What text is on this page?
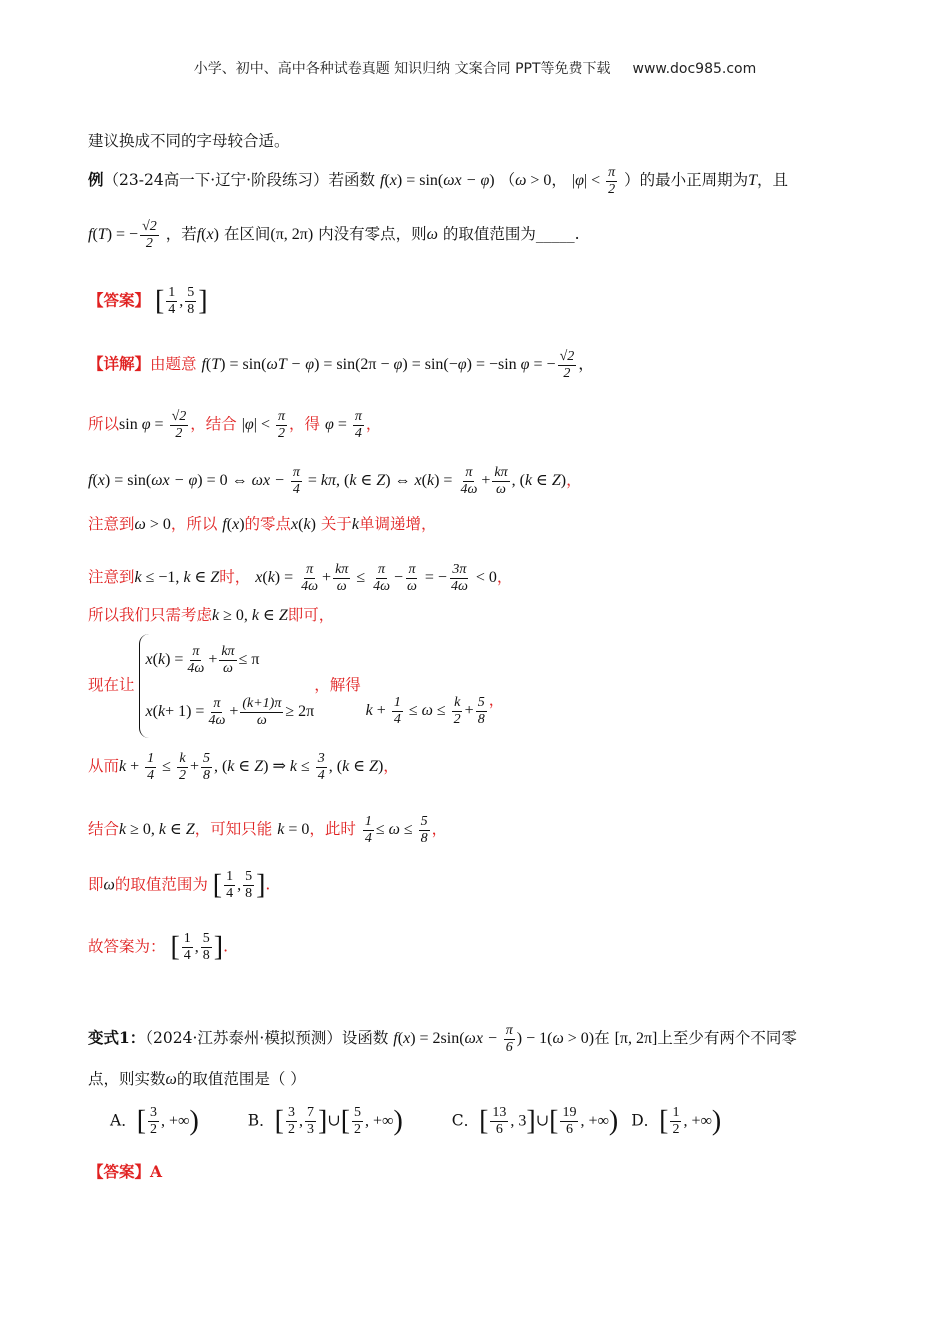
小学、初中、高中各种试卷真题 知识归纳 文案合同 PPT等免费下载 www.doc985.com
建议换成不同的字母较合适。
例（23-24高一下·辽宁·阶段练习）若函数 f(x) = sin(ωx − φ) （ω > 0， $|\varphi| < \frac{\pi}{2}$ ）的最小正周期为T，且
f(T) = − $\frac{√2}{2}$ ，若f(x) 在区间(π, 2π) 内没有零点，则ω 的取值范围为_____.
【答案】 [ $\frac{1}{4}$ , $\frac{5}{8}$ ]
【详解】由题意 f(T) = sin(ωT − φ) = sin(2π − φ) = sin(−φ) = −sin φ = − $\frac{√2}{2}$ ，
所以$\sin \varphi = \frac{√2}{2}$ ，结合 $|\varphi| < \frac{\pi}{2}$ ，得 $\varphi = \frac{\pi}{4}$ ，
f(x) = sin(ωx − φ) = 0 ⇔ $\omega x - \frac{\pi}{4} = k\pi$, (k ∈ Z) ⇔ $x(k) = \frac{\pi}{4\omega} + \frac{k\pi}{\omega}$ , (k ∈ Z)，
注意到ω > 0，所以 f(x)的零点x(k) 关于k单调递增，
注意到k ≤ −1, k ∈ Z时， $x(k) = \frac{\pi}{4\omega} + \frac{k\pi}{\omega} \le \frac{\pi}{4\omega} - \frac{\pi}{\omega}$ = − $\frac{3\pi}{4\omega} < 0$，
所以我们只需考虑k ≥ 0, k ∈ Z即可，
现在让
x ( k ) = $\frac{\pi}{4\omega} + \frac{k\pi}{\omega} \le \pi$
x ( $k + 1) = \frac{\pi}{4\omega} + \frac{(k+1)\pi}{\omega} \ge 2\pi$
，解得 $k + \frac{1}{4} \le \omega \le \frac{k}{2} + \frac{5}{8}$ ，
从而$k + \frac{1}{4} \le \frac{k}{2} + \frac{5}{8}$ , (k ∈ Z) ⇒ $k \le \frac{3}{4}$ , (k ∈ Z)，
结合k ≥ 0, k ∈ Z，可知只能 k = 0，此时 $\frac{1}{4} \le \omega \le \frac{5}{8}$ ，
即ω的取值范围为 [ $\frac{1}{4}$ , $\frac{5}{8}$ ].
故答案为： [ $\frac{1}{4}$ , $\frac{5}{8}$ ].
变式1：（2024·江苏泰州·模拟预测）设函数 $f(x) = 2\sin(\omega x - \frac{\pi}{6}$ ) − 1(ω > 0)在 [π, 2π]上至少有两个不同零
点，则实数ω的取值范围是（ ）
A．[ $\frac{3}{2}$ , +∞)	B．[ $\frac{3}{2}$ , $\frac{7}{3}$ ]∪[ $\frac{5}{2}$ , +∞)	C．[ $\frac{13}{6}$ , 3]∪[ $\frac{19}{6}$ , +∞) D．[ $\frac{1}{2}$ , +∞)
【答案】A
